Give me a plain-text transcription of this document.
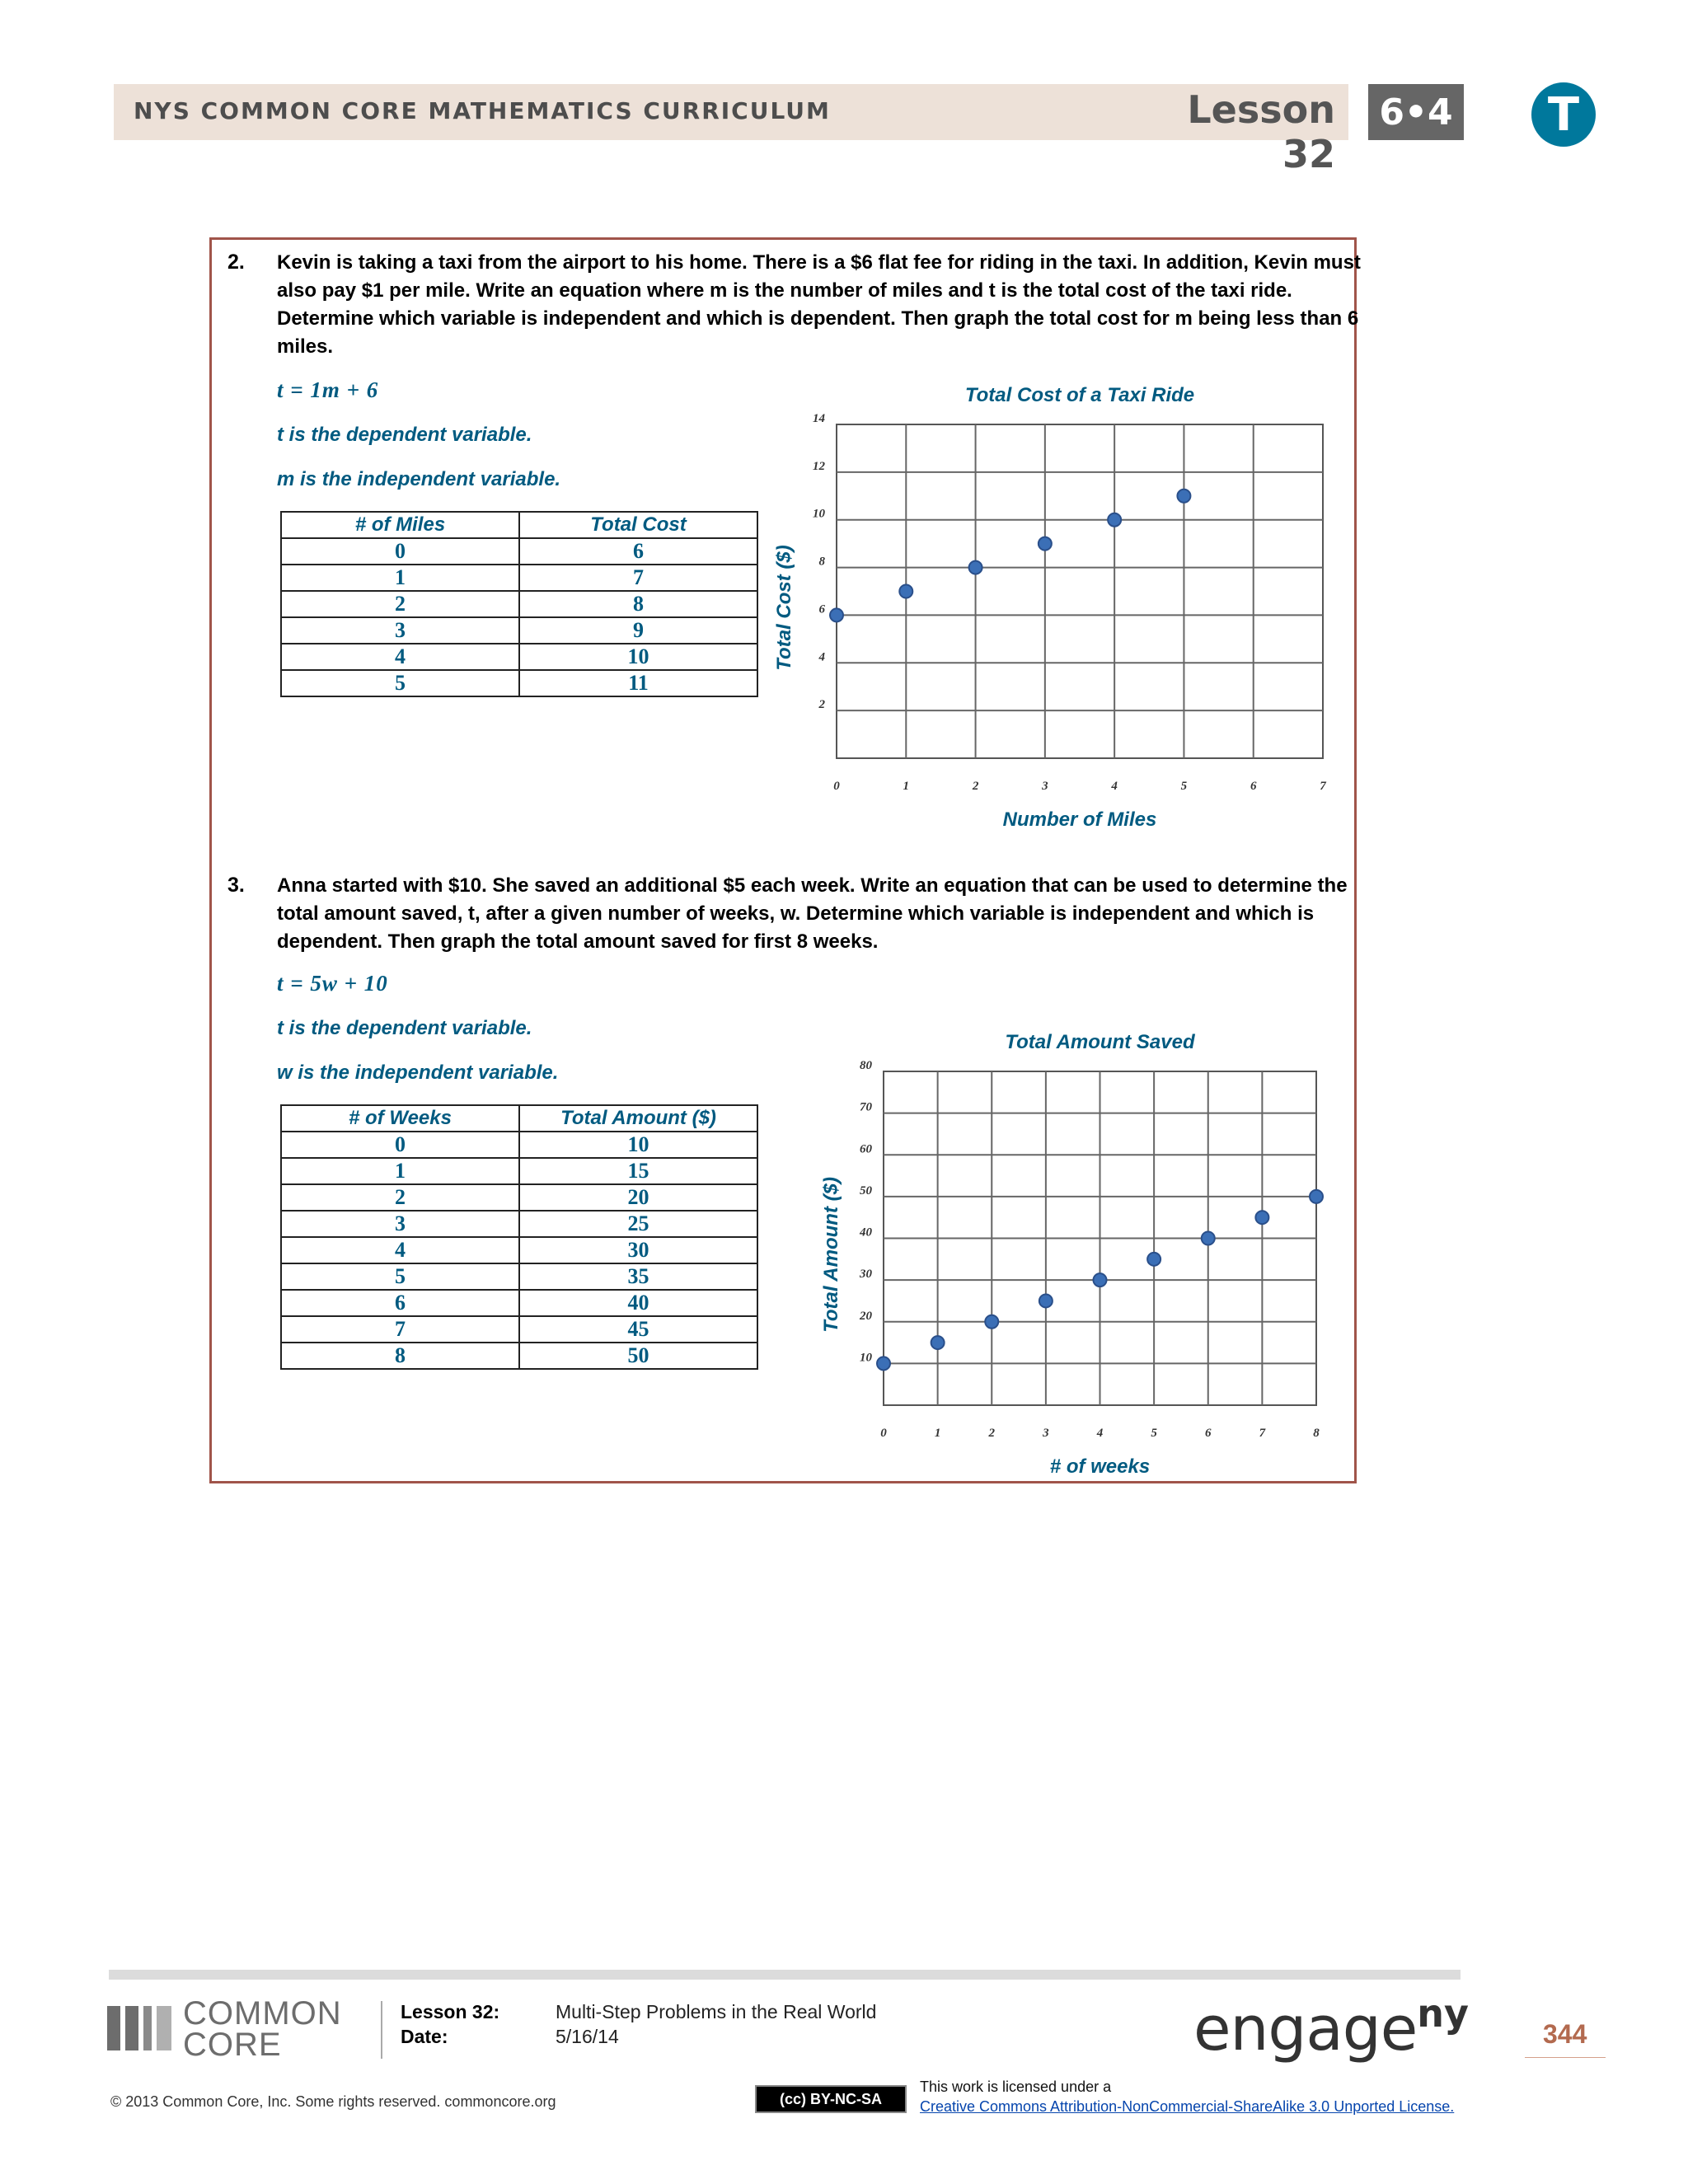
NYS COMMON CORE MATHEMATICS CURRICULUM	Lesson 32
6•4	T
2. Kevin is taking a taxi from the airport to his home. There is a $6 flat fee for riding in the taxi. In addition, Kevin must
also pay $1 per mile. Write an equation where m is the number of miles and t is the total cost of the taxi ride.
Determine which variable is independent and which is dependent. Then graph the total cost for m being less than 6
miles.
t = 1m + 6
t is the dependent variable.
m is the independent variable.
# of Miles	Total Cost
0	6
1	7
2	8
3	9
4	10
5	11
Total Cost of a Taxi Ride
0	1	2	3	4	5	6	7
2
4
6
8
10
12
14
Number of Miles
Total Cost ($)
3. Anna started with $10. She saved an additional $5 each week. Write an equation that can be used to determine the
total amount saved, t, after a given number of weeks, w. Determine which variable is independent and which is
dependent. Then graph the total amount saved for first 8 weeks.
t = 5w + 10
t is the dependent variable.
w is the independent variable.
# of Weeks	Total Amount ($)
0	10
1	15
2	20
3	25
4	30
5	35
6	40
7	45
8	50
Total Amount Saved
0	1	2	3	4	5	6	7	8
10
20
30
40
50
60
70
80
# of weeks
Total Amount ($)
COMMON
CORE
Lesson 32:	Multi-Step Problems in the Real World
Date:	5/16/14	engage$^{ny}$	344
© 2013 Common Core, Inc. Some rights reserved. commoncore.org	(cc) BY-NC-SA
This work is licensed under a
Creative Commons Attribution-NonCommercial-ShareAlike 3.0 Unported License.
